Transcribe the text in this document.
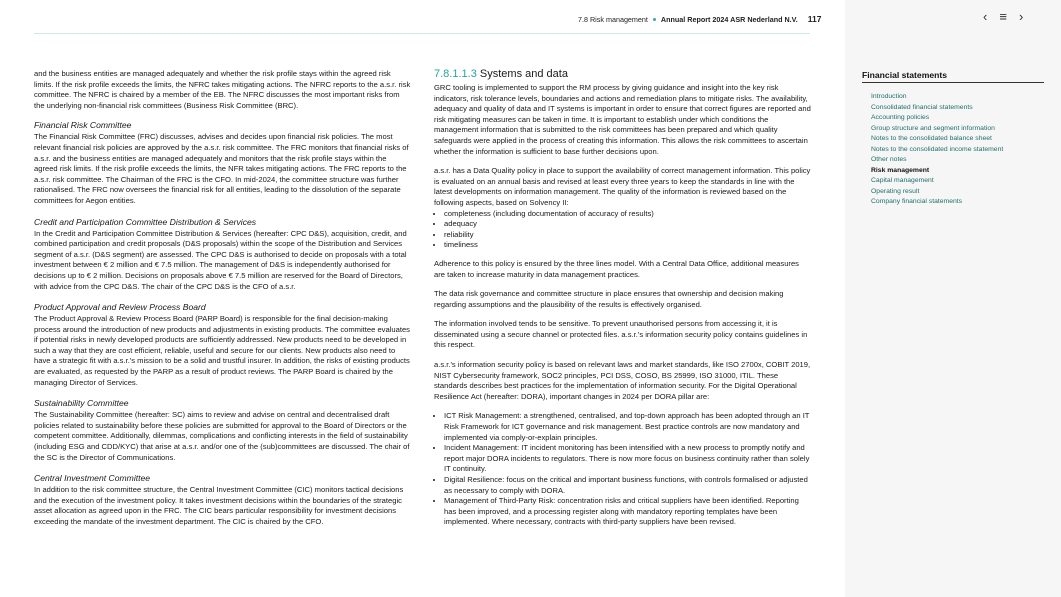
7.8 Risk management Annual Report 2024 ASR Nederland N.V. 117	‹ ≡ ›

and the business entities are managed adequately and whether the risk profile stays within the agreed risk limits. If the risk profile exceeds the limits, the NFRC takes mitigating actions. The NFRC reports to the a.s.r. risk committee. The NFRC is chaired by a member of the EB. The NFRC discusses the most important risks from the underlying non-financial risk committees (Business Risk Committee (BRC).

Financial Risk Committee
The Financial Risk Committee (FRC) discusses, advises and decides upon financial risk policies. The most relevant financial risk policies are approved by the a.s.r. risk committee. The FRC monitors that financial risks of a.s.r. and the business entities are managed adequately and monitors that the risk profile stays within the agreed risk limits. If the risk profile exceeds the limits, the NFR takes mitigating actions. The FRC reports to the a.s.r. risk committee. The Chairman of the FRC is the CFO. In mid-2024, the committee structure was further rationalised. The FRC now oversees the financial risk for all entities, leading to the dissolution of the separate committees for Aegon entities.
Credit and Participation Committee Distribution & Services
In the Credit and Participation Committee Distribution & Services (hereafter: CPC D&S), acquisition, credit, and combined participation and credit proposals (D&S proposals) within the scope of the Distribution and Services segment of a.s.r. (D&S segment) are assessed. The CPC D&S is authorised to decide on proposals with a total investment between € 2 million and € 7.5 million. The management of D&S is independently authorised for decisions up to € 2 million. Decisions on proposals above € 7.5 million are reserved for the Board of Directors, with advice from the CPC D&S. The chair of the CPC D&S is the CFO of a.s.r.
Product Approval and Review Process Board
The Product Approval & Review Process Board (PARP Board) is responsible for the final decision-making process around the introduction of new products and adjustments in existing products. The committee evaluates if potential risks in newly developed products are sufficiently addressed. New products need to be developed in such a way that they are cost efficient, reliable, useful and secure for our clients. New products also need to have a strategic fit with a.s.r.'s mission to be a solid and trustful insurer. In addition, the risks of existing products are evaluated, as requested by the PARP as a result of product reviews. The PARP Board is chaired by the managing Director of Services.
Sustainability Committee
The Sustainability Committee (hereafter: SC) aims to review and advise on central and decentralised draft policies related to sustainability before these policies are submitted for approval to the Board of Directors or the competent committee. Additionally, dilemmas, complications and conflicting interests in the field of sustainability (including ESG and CDD/KYC) that arise at a.s.r. and/or one of the (sub)committees are discussed. The chair of the SC is the Director of Communications.
Central Investment Committee
In addition to the risk committee structure, the Central Investment Committee (CIC) monitors tactical decisions and the execution of the investment policy. It takes investment decisions within the boundaries of the strategic asset allocation as agreed upon in the FRC. The CIC bears particular responsibility for investment decisions exceeding the mandate of the investment department. The CIC is chaired by the CFO.
7.8.1.1.3 Systems and data

GRC tooling is implemented to support the RM process by giving guidance and insight into the key risk indicators, risk tolerance levels, boundaries and actions and remediation plans to mitigate risks. The availability, adequacy and quality of data and IT systems is important in order to ensure that correct figures are reported and risk mitigating measures can be taken in time. It is important to establish under which conditions the management information that is submitted to the risk committees has been prepared and which quality safeguards were applied in the process of creating this information. This allows the risk committees to ascertain whether the information is sufficient to base further decisions upon.

a.s.r. has a Data Quality policy in place to support the availability of correct management information. This policy is evaluated on an annual basis and revised at least every three years to keep the standards in line with the latest developments on information management. The quality of the information is reviewed based on the following aspects, based on Solvency II:

• completeness (including documentation of accuracy of results)
• adequacy
• reliability
• timeliness

Adherence to this policy is ensured by the three lines model. With a Central Data Office, additional measures are taken to increase maturity in data management practices.

The data risk governance and committee structure in place ensures that ownership and decision making regarding assumptions and the plausibility of the results is effectively organised.

The information involved tends to be sensitive. To prevent unauthorised persons from accessing it, it is disseminated using a secure channel or protected files. a.s.r.'s information security policy contains guidelines in this respect.

a.s.r.'s information security policy is based on relevant laws and market standards, like ISO 2700x, COBIT 2019, NIST Cybersecurity framework, SOC2 principles, PCI DSS, COSO, BS 25999, ISO 31000, ITIL. These standards describes best practices for the implementation of information security. For the Digital Operational Resilience Act (hereafter: DORA), important changes in 2024 per DORA pillar are:

• ICT Risk Management: a strengthened, centralised, and top-down approach has been adopted through an IT Risk Framework for ICT governance and risk management. Best practice controls are now mandatory and implemented via comply-or-explain principles.
• Incident Management: IT incident monitoring has been intensified with a new process to promptly notify and report major DORA incidents to regulators. There is now more focus on business continuity rather than solely IT continuity.
• Digital Resilience: focus on the critical and important business functions, with controls formalised or adjusted as necessary to comply with DORA.
• Management of Third-Party Risk: concentration risks and critical suppliers have been identified. Reporting has been improved, and a processing register along with mandatory reporting templates have been implemented. Where necessary, contracts with third-party suppliers have been revised.
Financial statements
Introduction
Consolidated financial statements
Accounting policies
Group structure and segment information
Notes to the consolidated balance sheet
Notes to the consolidated income statement
Other notes
Risk management
Capital management
Operating result
Company financial statements
